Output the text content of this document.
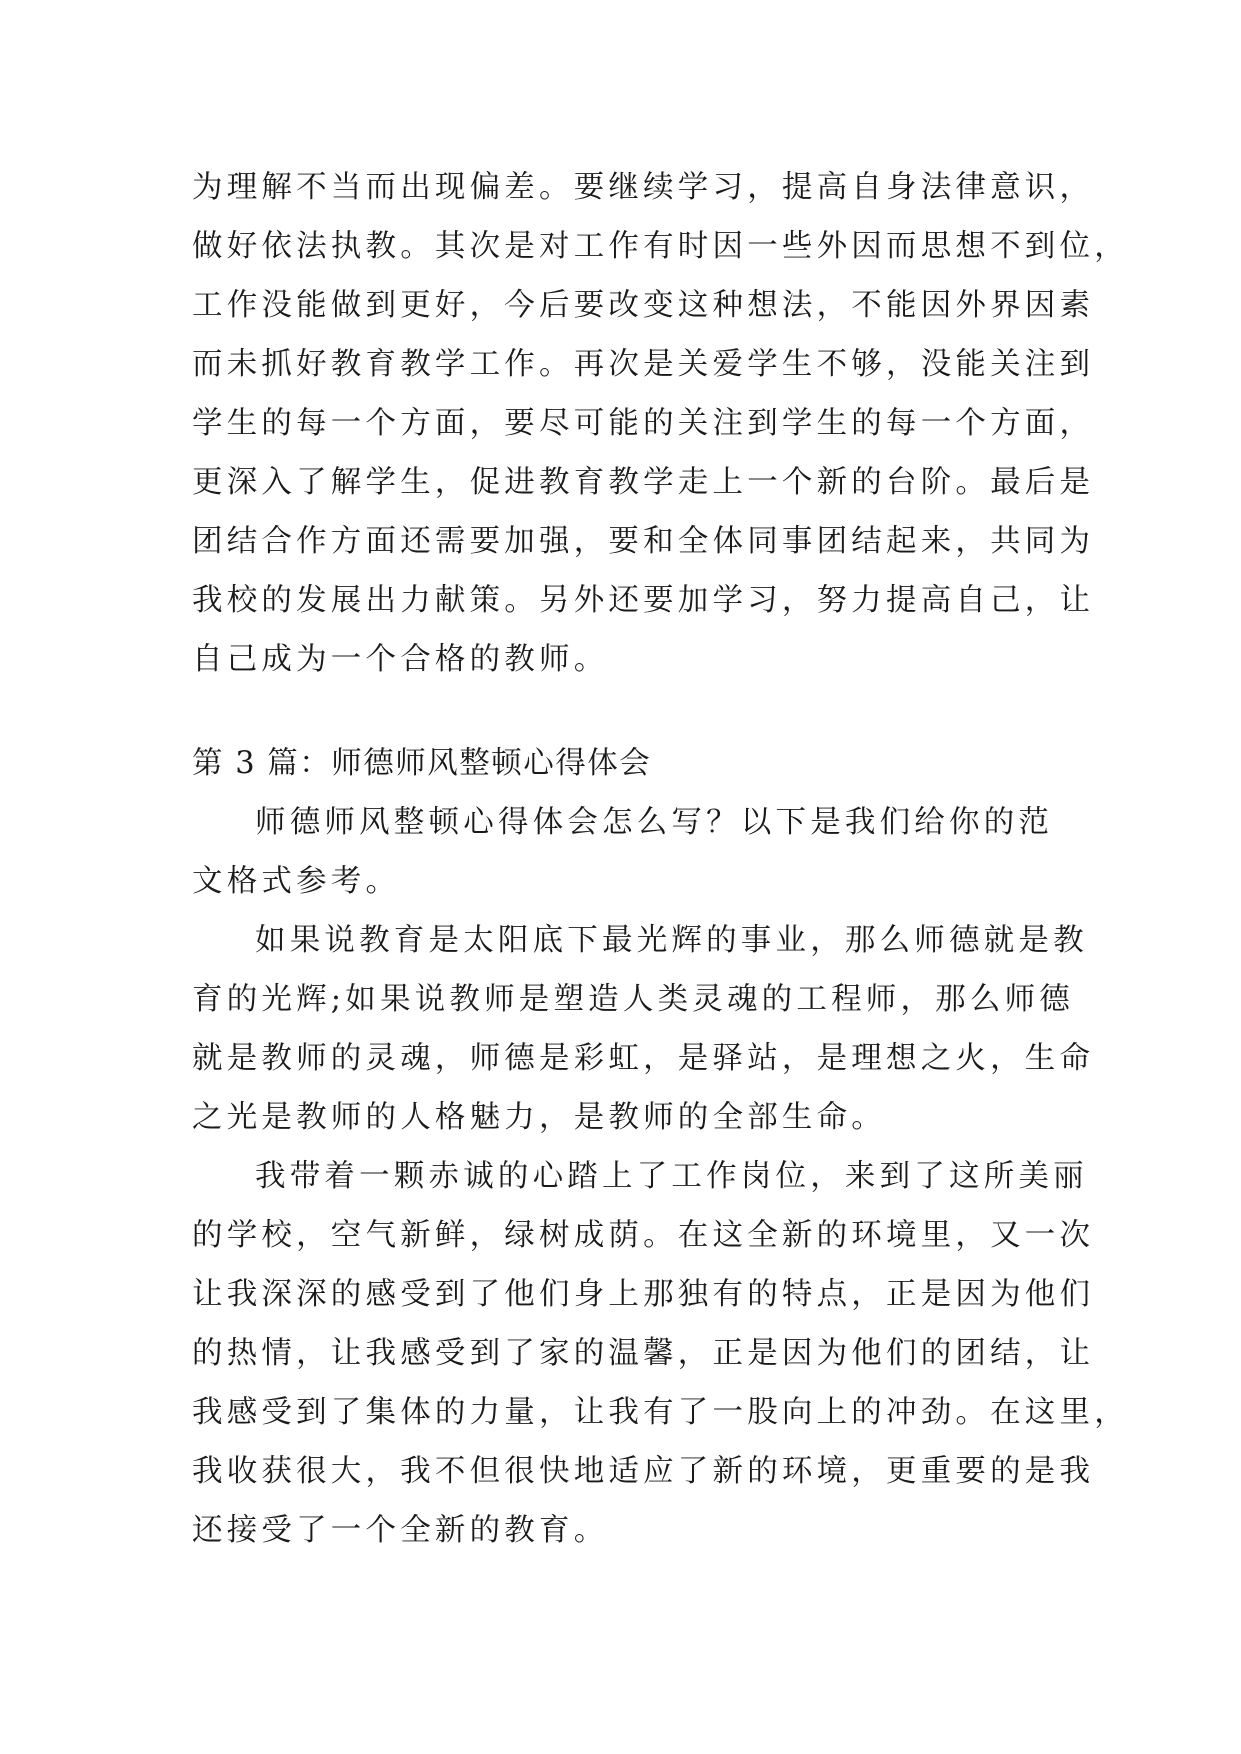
为理解不当而出现偏差。要继续学习，提高自身法律意识，
做好依法执教。其次是对工作有时因一些外因而思想不到位，
工作没能做到更好，今后要改变这种想法，不能因外界因素
而未抓好教育教学工作。再次是关爱学生不够，没能关注到
学生的每一个方面，要尽可能的关注到学生的每一个方面，
更深入了解学生，促进教育教学走上一个新的台阶。最后是
团结合作方面还需要加强，要和全体同事团结起来，共同为
我校的发展出力献策。另外还要加学习，努力提高自己，让
自己成为一个合格的教师。
第 3 篇：师德师风整顿心得体会
师德师风整顿心得体会怎么写？以下是我们给你的范
文格式参考。
如果说教育是太阳底下最光辉的事业，那么师德就是教
育的光辉;如果说教师是塑造人类灵魂的工程师，那么师德
就是教师的灵魂，师德是彩虹，是驿站，是理想之火，生命
之光是教师的人格魅力，是教师的全部生命。
我带着一颗赤诚的心踏上了工作岗位，来到了这所美丽
的学校，空气新鲜，绿树成荫。在这全新的环境里，又一次
让我深深的感受到了他们身上那独有的特点，正是因为他们
的热情，让我感受到了家的温馨，正是因为他们的团结，让
我感受到了集体的力量，让我有了一股向上的冲劲。在这里，
我收获很大，我不但很快地适应了新的环境，更重要的是我
还接受了一个全新的教育。
